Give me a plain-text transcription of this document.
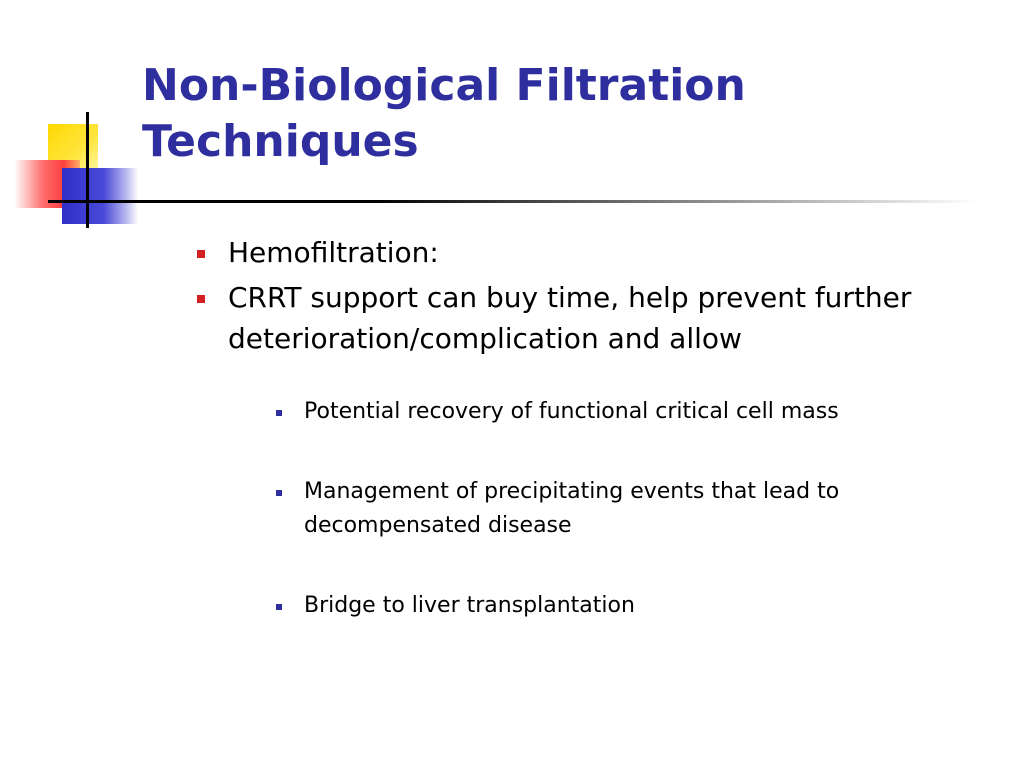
Non-Biological Filtration
Techniques
Hemofiltration:
CRRT support can buy time, help prevent further deterioration/complication and allow
Potential recovery of functional critical cell mass
Management of precipitating events that lead to decompensated disease
Bridge to liver transplantation
